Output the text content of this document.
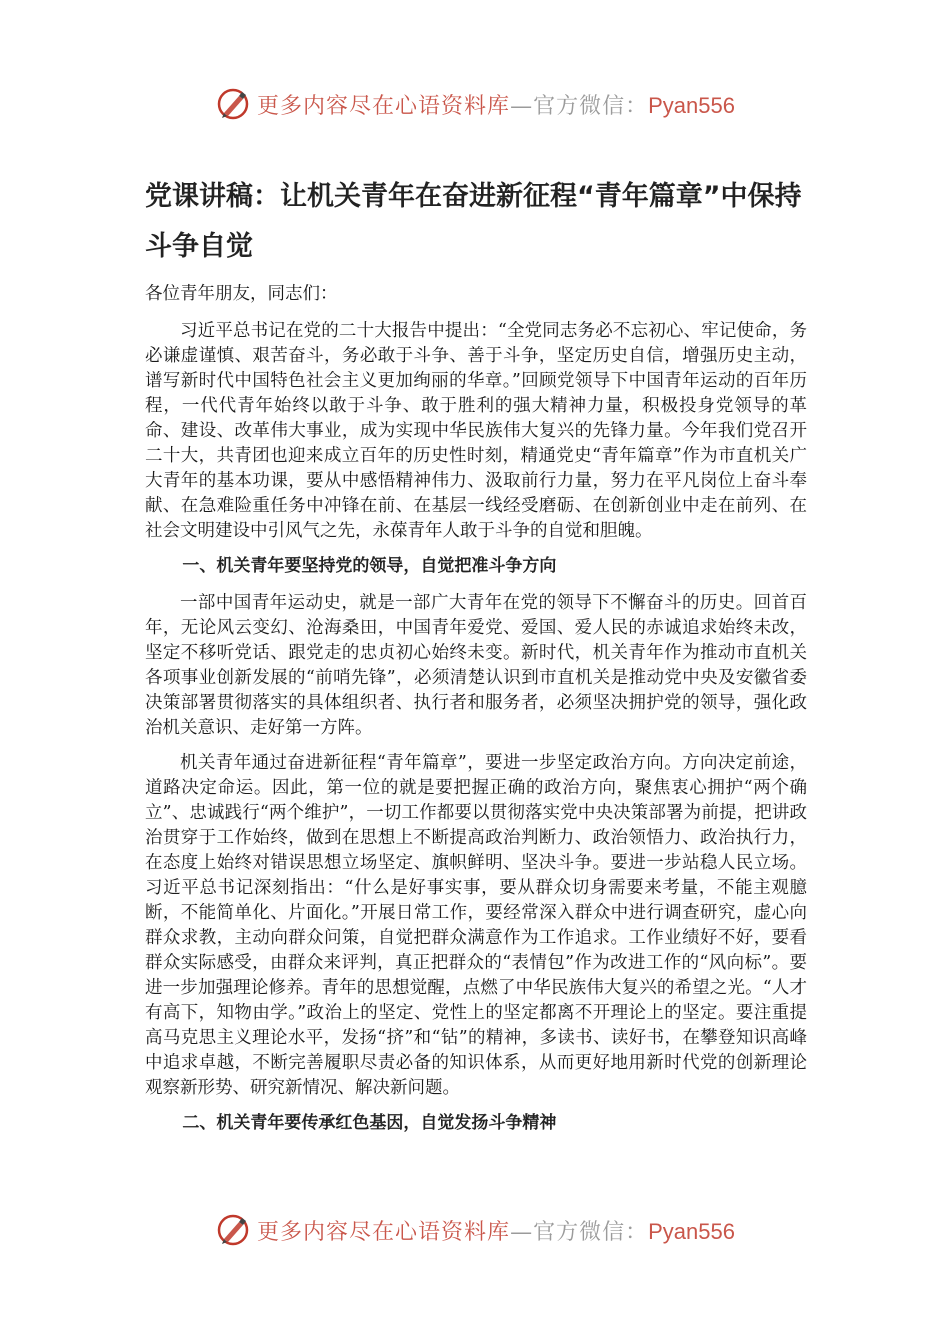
更多内容尽在心语资料库—官方微信：Pyan556
党课讲稿：让机关青年在奋进新征程“青年篇章”中保持斗争自觉

各位青年朋友，同志们：

习近平总书记在党的二十大报告中提出：“全党同志务必不忘初心、牢记使命，务必谦虚谨慎、艰苦奋斗，务必敢于斗争、善于斗争，坚定历史自信，增强历史主动，谱写新时代中国特色社会主义更加绚丽的华章。”回顾党领导下中国青年运动的百年历程，一代代青年始终以敢于斗争、敢于胜利的强大精神力量，积极投身党领导的革命、建设、改革伟大事业，成为实现中华民族伟大复兴的先锋力量。今年我们党召开二十大，共青团也迎来成立百年的历史性时刻，精通党史“青年篇章”作为市直机关广大青年的基本功课，要从中感悟精神伟力、汲取前行力量，努力在平凡岗位上奋斗奉献、在急难险重任务中冲锋在前、在基层一线经受磨砺、在创新创业中走在前列、在社会文明建设中引风气之先，永葆青年人敢于斗争的自觉和胆魄。

一、机关青年要坚持党的领导，自觉把准斗争方向

一部中国青年运动史，就是一部广大青年在党的领导下不懈奋斗的历史。回首百年，无论风云变幻、沧海桑田，中国青年爱党、爱国、爱人民的赤诚追求始终未改，坚定不移听党话、跟党走的忠贞初心始终未变。新时代，机关青年作为推动市直机关各项事业创新发展的“前哨先锋”，必须清楚认识到市直机关是推动党中央及安徽省委决策部署贯彻落实的具体组织者、执行者和服务者，必须坚决拥护党的领导，强化政治机关意识、走好第一方阵。

机关青年通过奋进新征程“青年篇章”，要进一步坚定政治方向。方向决定前途，道路决定命运。因此，第一位的就是要把握正确的政治方向，聚焦衷心拥护“两个确立”、忠诚践行“两个维护”，一切工作都要以贯彻落实党中央决策部署为前提，把讲政治贯穿于工作始终，做到在思想上不断提高政治判断力、政治领悟力、政治执行力，在态度上始终对错误思想立场坚定、旗帜鲜明、坚决斗争。要进一步站稳人民立场。习近平总书记深刻指出：“什么是好事实事，要从群众切身需要来考量，不能主观臆断，不能简单化、片面化。”开展日常工作，要经常深入群众中进行调查研究，虚心向群众求教，主动向群众问策，自觉把群众满意作为工作追求。工作业绩好不好，要看群众实际感受，由群众来评判，真正把群众的“表情包”作为改进工作的“风向标”。要进一步加强理论修养。青年的思想觉醒，点燃了中华民族伟大复兴的希望之光。“人才有高下，知物由学。”政治上的坚定、党性上的坚定都离不开理论上的坚定。要注重提高马克思主义理论水平，发扬“挤”和“钻”的精神，多读书、读好书，在攀登知识高峰中追求卓越，不断完善履职尽责必备的知识体系，从而更好地用新时代党的创新理论观察新形势、研究新情况、解决新问题。

二、机关青年要传承红色基因，自觉发扬斗争精神
更多内容尽在心语资料库—官方微信：Pyan556
